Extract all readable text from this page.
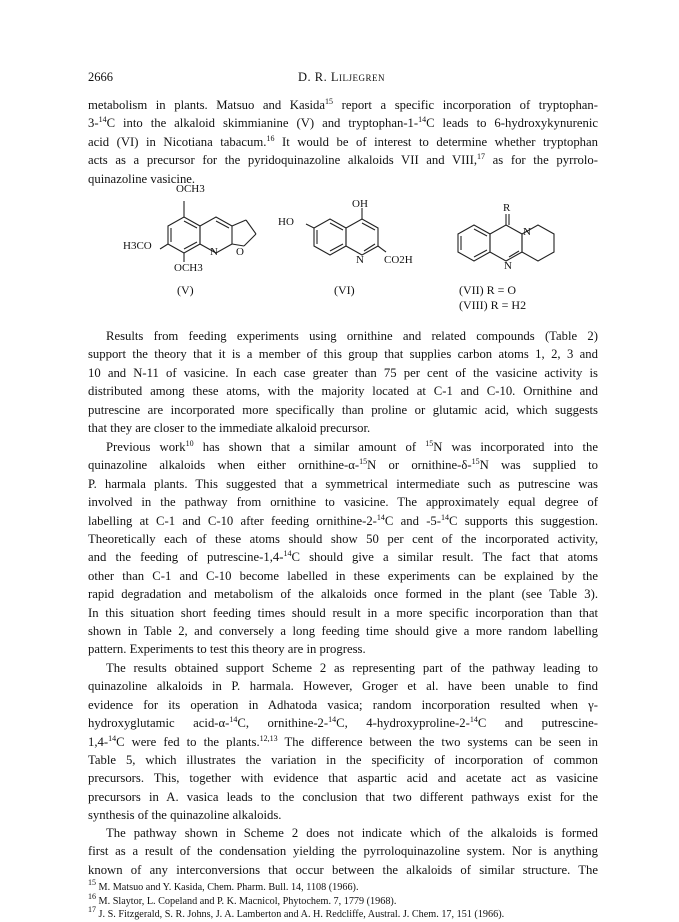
2666	D. R. Liljegren
metabolism in plants. Matsuo and Kasida$^{15}$ report a specific incorporation of tryptophan-
3-$^{14}$C into the alkaloid skimmianine (V) and tryptophan-1-$^{14}$C leads to 6-hydroxykynurenic
acid (VI) in Nicotiana tabacum.$^{16}$ It would be of interest to determine whether tryptophan
acts as a precursor for the pyridoquinazoline alkaloids VII and VIII,$^{17}$ as for the pyrrolo-
quinazoline vasicine.
OCH3
H3CO
OCH3
N O
(V)
OH
HO
N CO2H
(VI)
R
N
N
(VII) R = O
(VIII) R = H2
Results from feeding experiments using ornithine and related compounds (Table 2)
support the theory that it is a member of this group that supplies carbon atoms 1, 2, 3 and
10 and N-11 of vasicine. In each case greater than 75 per cent of the vasicine activity is
distributed among these atoms, with the majority located at C-1 and C-10. Ornithine and
putrescine are incorporated more specifically than proline or glutamic acid, which suggests
that they are closer to the immediate alkaloid precursor.
Previous work$^{10}$ has shown that a similar amount of $^{15}$N was incorporated into the
quinazoline alkaloids when either ornithine-α-$^{15}$N or ornithine-δ-$^{15}$N was supplied to
P. harmala plants. This suggested that a symmetrical intermediate such as putrescine was
involved in the pathway from ornithine to vasicine. The approximately equal degree of
labelling at C-1 and C-10 after feeding ornithine-2-$^{14}$C and -5-$^{14}$C supports this suggestion.
Theoretically each of these atoms should show 50 per cent of the incorporated activity,
and the feeding of putrescine-1,4-$^{14}$C should give a similar result. The fact that atoms
other than C-1 and C-10 become labelled in these experiments can be explained by the
rapid degradation and metabolism of the alkaloids once formed in the plant (see Table 3).
In this situation short feeding times should result in a more specific incorporation than that
shown in Table 2, and conversely a long feeding time should give a more random labelling
pattern. Experiments to test this theory are in progress.
The results obtained support Scheme 2 as representing part of the pathway leading to
quinazoline alkaloids in P. harmala. However, Groger et al. have been unable to find
evidence for its operation in Adhatoda vasica; random incorporation resulted when γ-
hydroxyglutamic acid-α-$^{14}$C, ornithine-2-$^{14}$C, 4-hydroxyproline-2-$^{14}$C and putrescine-
1,4-$^{14}$C were fed to the plants.$^{12,13}$ The difference between the two systems can be seen in
Table 5, which illustrates the variation in the specificity of incorporation of common
precursors. This, together with evidence that aspartic acid and acetate act as vasicine
precursors in A. vasica leads to the conclusion that two different pathways exist for the
synthesis of the quinazoline alkaloids.
The pathway shown in Scheme 2 does not indicate which of the alkaloids is formed
first as a result of the condensation yielding the pyrroloquinazoline system. Nor is anything
known of any interconversions that occur between the alkaloids of similar structure. The
$^{15}$ M. Matsuo and Y. Kasida, Chem. Pharm. Bull. 14, 1108 (1966).
$^{16}$ M. Slaytor, L. Copeland and P. K. Macnicol, Phytochem. 7, 1779 (1968).
$^{17}$ J. S. Fitzgerald, S. R. Johns, J. A. Lamberton and A. H. Redcliffe, Austral. J. Chem. 17, 151 (1966).
